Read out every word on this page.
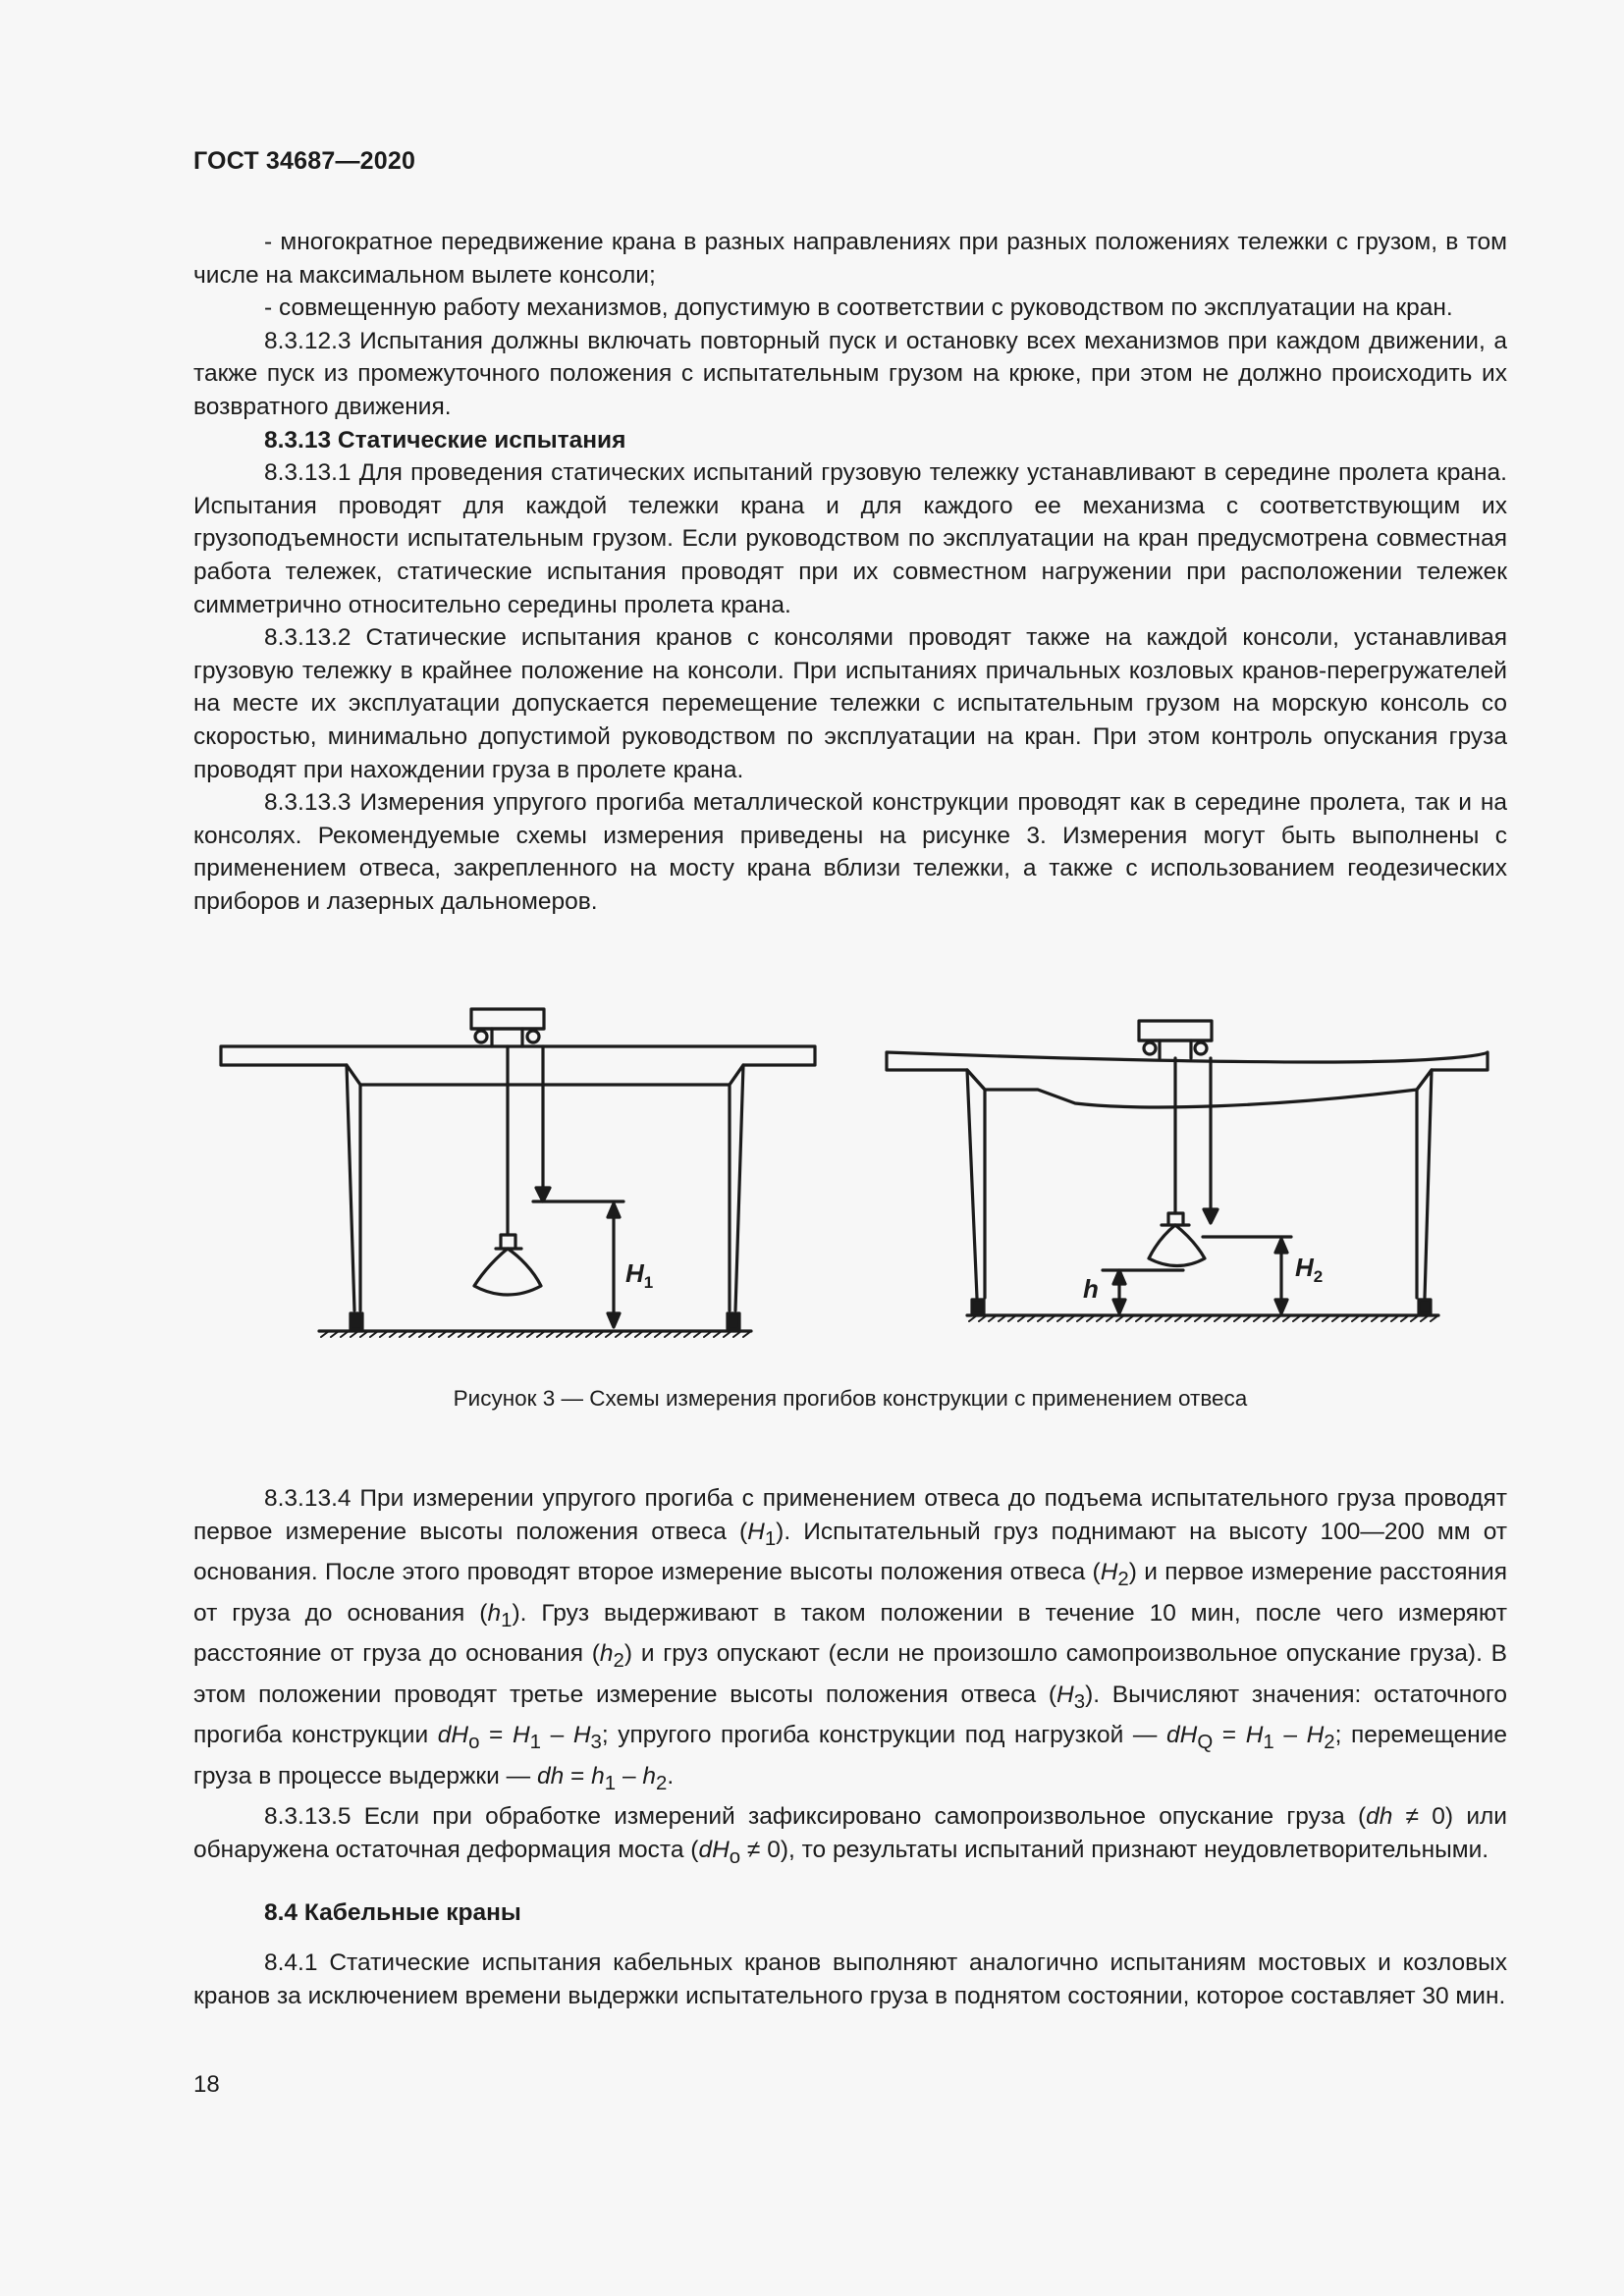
ГОСТ 34687—2020

- многократное передвижение крана в разных направлениях при разных положениях тележки с грузом, в том числе на максимальном вылете консоли;

- совмещенную работу механизмов, допустимую в соответствии с руководством по эксплуатации на кран.

8.3.12.3 Испытания должны включать повторный пуск и остановку всех механизмов при каждом движении, а также пуск из промежуточного положения с испытательным грузом на крюке, при этом не должно происходить их возвратного движения.

8.3.13 Статические испытания

8.3.13.1 Для проведения статических испытаний грузовую тележку устанавливают в середине пролета крана. Испытания проводят для каждой тележки крана и для каждого ее механизма с соответствующим их грузоподъемности испытательным грузом. Если руководством по эксплуатации на кран предусмотрена совместная работа тележек, статические испытания проводят при их совместном нагружении при расположении тележек симметрично относительно середины пролета крана.

8.3.13.2 Статические испытания кранов с консолями проводят также на каждой консоли, устанавливая грузовую тележку в крайнее положение на консоли. При испытаниях причальных козловых кранов-перегружателей на месте их эксплуатации допускается перемещение тележки с испытательным грузом на морскую консоль со скоростью, минимально допустимой руководством по эксплуатации на кран. При этом контроль опускания груза проводят при нахождении груза в пролете крана.

8.3.13.3 Измерения упругого прогиба металлической конструкции проводят как в середине пролета, так и на консолях. Рекомендуемые схемы измерения приведены на рисунке 3. Измерения могут быть выполнены с применением отвеса, закрепленного на мосту крана вблизи тележки, а также с использованием геодезических приборов и лазерных дальномеров.

$H_1$
$H_2$
h
Рисунок 3 — Схемы измерения прогибов конструкции с применением отвеса

8.3.13.4 При измерении упругого прогиба с применением отвеса до подъема испытательного груза проводят первое измерение высоты положения отвеса $(H_1)$. Испытательный груз поднимают на высоту 100—200 мм от основания. После этого проводят второе измерение высоты положения отвеса $(H_2)$ и первое измерение расстояния от груза до основания $(h_1)$. Груз выдерживают в таком положении в течение 10 мин, после чего измеряют расстояние от груза до основания $(h_2)$ и груз опускают (если не произошло самопроизвольное опускание груза). В этом положении проводят третье измерение высоты положения отвеса $(H_3)$. Вычисляют значения: остаточного прогиба конструкции $dH_o = H_1 - H_3$; упругого прогиба конструкции под нагрузкой — $dH_Q = H_1 - H_2$; перемещение груза в процессе выдержки — dh = $h_1 - h_2$.

8.3.13.5 Если при обработке измерений зафиксировано самопроизвольное опускание груза (dh ≠ 0) или обнаружена остаточная деформация моста $(dH_o \ne 0)$, то результаты испытаний признают неудовлетворительными.

8.4 Кабельные краны

8.4.1 Статические испытания кабельных кранов выполняют аналогично испытаниям мостовых и козловых кранов за исключением времени выдержки испытательного груза в поднятом состоянии, которое составляет 30 мин.

18
